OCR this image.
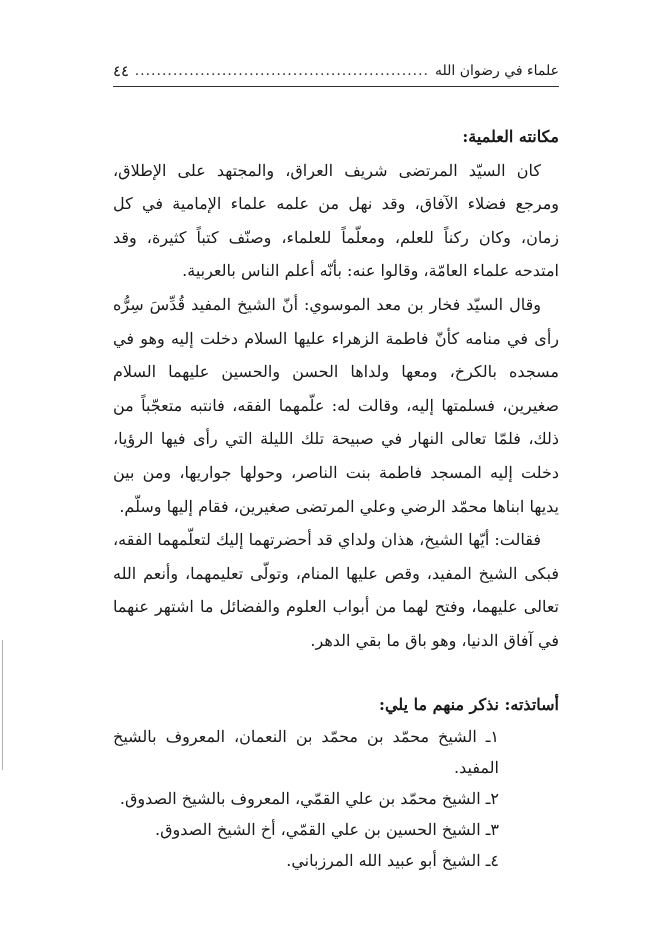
علماء في رضوان الله
.....
٤٤
مكانته العلمية:

كان السيّد المرتضى شريف العراق، والمجتهد على الإطلاق، ومرجع فضلاء الآفاق، وقد نهل من علمه علماء الإمامية في كل زمان، وكان ركناً للعلم، ومعلّماً للعلماء، وصنّف كتباً كثيرة، وقد امتدحه علماء العامّة، وقالوا عنه: بأنّه أعلم الناس بالعربية.

وقال السيّد فخار بن معد الموسوي: أنّ الشيخ المفيد قُدِّسَ سِرُّه رأى في منامه كأنّ فاطمة الزهراء عليها السلام دخلت إليه وهو في مسجده بالكرخ، ومعها ولداها الحسن والحسين عليهما السلام صغيرين، فسلمتها إليه، وقالت له: علّمهما الفقه، فانتبه متعجّباً من ذلك، فلمّا تعالى النهار في صبيحة تلك الليلة التي رأى فيها الرؤيا، دخلت إليه المسجد فاطمة بنت الناصر، وحولها جواريها، ومن بين يديها ابناها محمّد الرضي وعلي المرتضى صغيرين، فقام إليها وسلّم.

فقالت: أيّها الشيخ، هذان ولداي قد أحضرتهما إليك لتعلّمهما الفقه، فبكى الشيخ المفيد، وقص عليها المنام، وتولّى تعليمهما، وأنعم الله تعالى عليهما، وفتح لهما من أبواب العلوم والفضائل ما اشتهر عنهما في آفاق الدنيا، وهو باق ما بقي الدهر.

أساتذته: نذكر منهم ما يلي:
١ـ الشيخ محمّد بن محمّد بن النعمان، المعروف بالشيخ المفيد.
٢ـ الشيخ محمّد بن علي القمّي، المعروف بالشيخ الصدوق.
٣ـ الشيخ الحسين بن علي القمّي، أخ الشيخ الصدوق.
٤ـ الشيخ أبو عبيد الله المرزباني.
